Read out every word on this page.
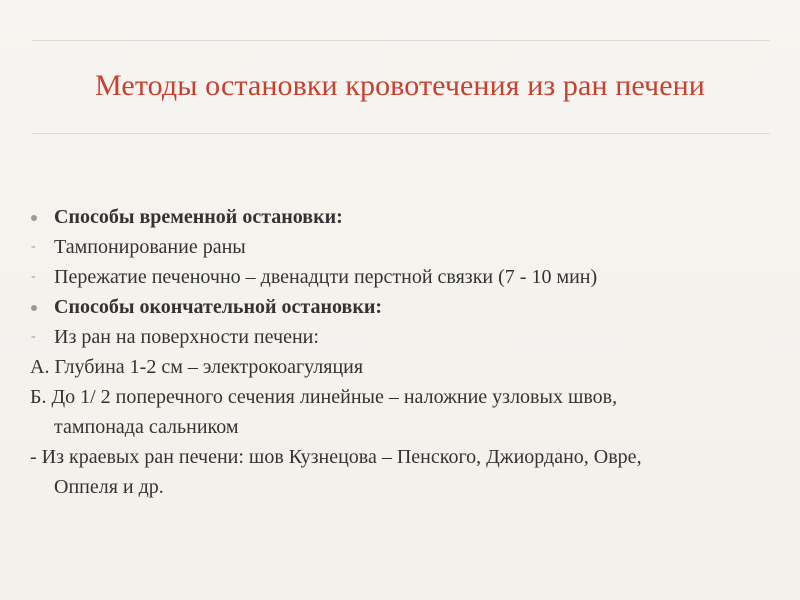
Методы остановки кровотечения из ран печени
Способы временной остановки:
- Тампонирование раны
- Пережатие печеночно – двенадцти перстной связки (7 - 10 мин)
Способы окончательной остановки:
- Из ран на поверхности печени:
А. Глубина 1-2 см – электрокоагуляция
Б. До 1/ 2 поперечного сечения линейные – наложние узловых швов,
тампонада сальником
- Из краевых ран печени: шов Кузнецова – Пенского, Джиордано, Овре,
Оппеля и др.
